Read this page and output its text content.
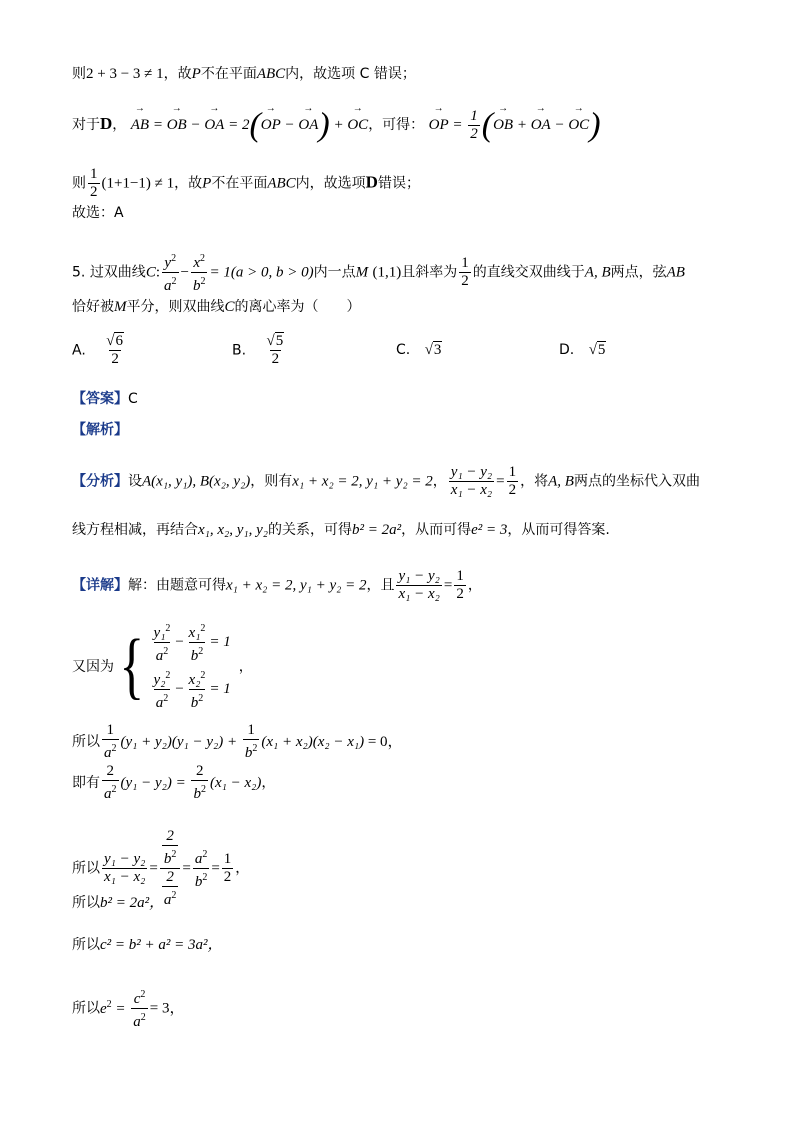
则2 + 3 − 3 ≠ 1，故P不在平面ABC内，故选项 C 错误；
对于D， → AB = → OB − → OA = 2(→ OP − → OA) + → OC，可得： → OP = $\frac{1}{2}$ (→ OB + → OA − → OC)
则 $\frac{1}{2} (1+1-1) \ne 1$，故P不在平面ABC内，故选项D错误；
故选：A
5. 过双曲线C: $\frac{y^2}{a^2} - \frac{x^2}{b^2} = 1(a > 0$, b > 0)内一点M (1,1)且斜率为 $\frac{1}{2}$ 的直线交双曲线于A, B两点，弦AB
恰好被M平分，则双曲线C的离心率为（　　）
A. $\frac{√6}{2}$	B. $\frac{√5}{2}$	C. √3	D. √5
【答案】C
【解析】
【分析】设A(x₁, y₁), B(x₂, y₂)，则有x₁ + x₂ = 2, y₁ + y₂ = 2， $\frac{\text{y₁ − y₂}}{\text{x₁ − x₂}} = \frac{1}{2}$ ，将A, B两点的坐标代入双曲
线方程相减，再结合x₁, x₂, y₁, y₂的关系，可得b² = 2a²，从而可得e² = 3，从而可得答案.
【详解】解：由题意可得x₁ + x₂ = 2, y₁ + y₂ = 2，且 $\frac{\text{y₁ − y₂}}{\text{x₁ − x₂}} = \frac{1}{2}$ ，
又因为{ $\frac{y_1^2}{a^2} - \frac{x_1^2}{b^2} = 1$
$\frac{y_2^2}{a^2} - \frac{x_2^2}{b^2} = 1$
，
所以 $\frac{1}{a^2} (y_1 + y_2)(y_1 - y_2) + \frac{1}{b^2} (x_1 + x_2)(x_2 - x_1) = 0$，
即有 $\frac{2}{a^2} (y_1 - y_2) = \frac{2}{b^2} (x_1 - x_2)$，
所以 $\frac{\text{y₁ − y₂}}{\text{x₁ − x₂}} = \frac{\frac{2}{b^2}}{\frac{2}{a^2}} = \frac{a^2}{b^2} = \frac{1}{2}$ ，
所以b² = 2a²，
所以c² = b² + a² = 3a²，
所以$e^2 = \frac{c^2}{a^2} = 3$，
